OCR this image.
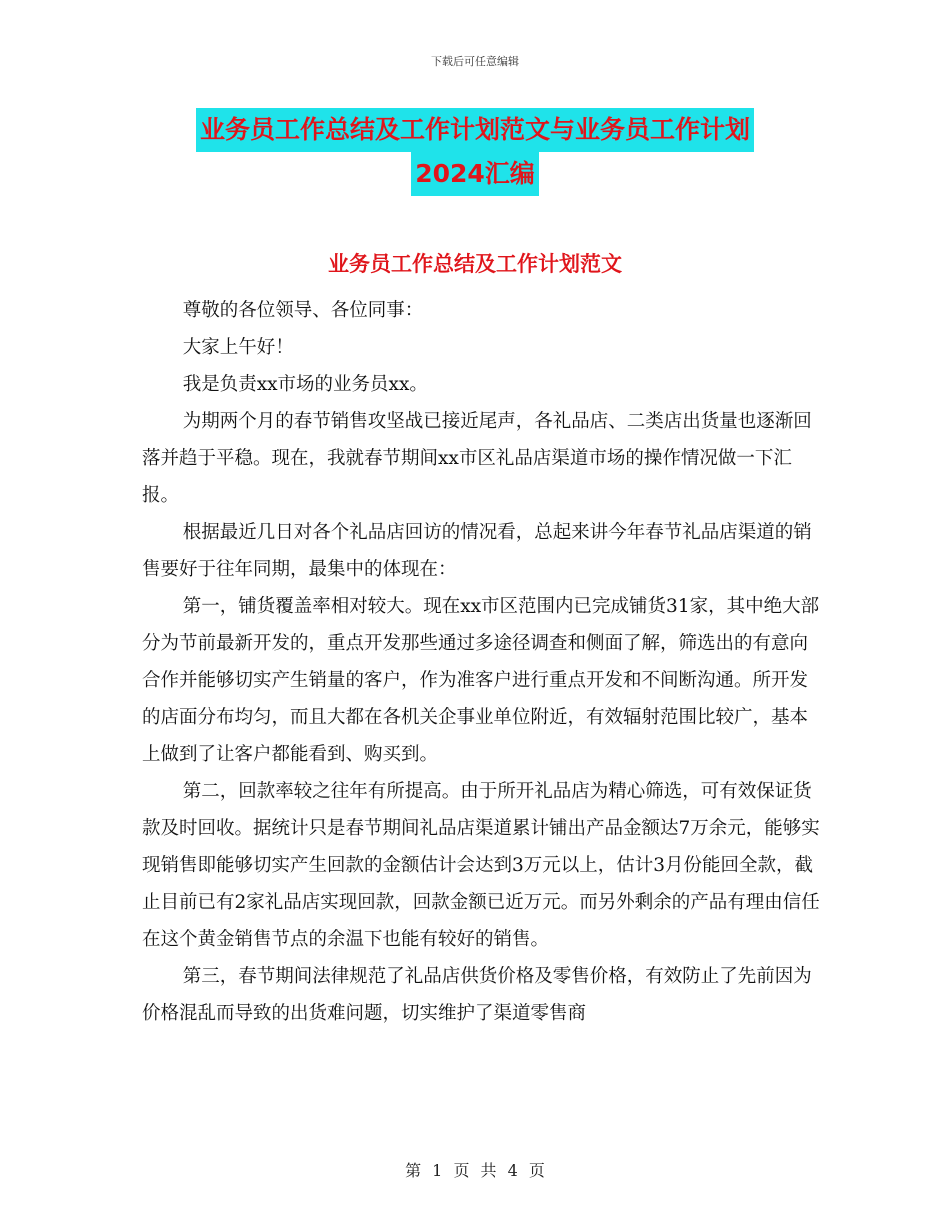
下载后可任意编辑
业务员工作总结及工作计划范文与业务员工作计划
2024汇编
业务员工作总结及工作计划范文

尊敬的各位领导、各位同事：

大家上午好！

我是负责xx市场的业务员xx。

为期两个月的春节销售攻坚战已接近尾声，各礼品店、二类店出货量也逐渐回落并趋于平稳。现在，我就春节期间xx市区礼品店渠道市场的操作情况做一下汇报。

根据最近几日对各个礼品店回访的情况看，总起来讲今年春节礼品店渠道的销售要好于往年同期，最集中的体现在：

第一，铺货覆盖率相对较大。现在xx市区范围内已完成铺货31家，其中绝大部分为节前最新开发的，重点开发那些通过多途径调查和侧面了解，筛选出的有意向合作并能够切实产生销量的客户，作为准客户进行重点开发和不间断沟通。所开发的店面分布均匀，而且大都在各机关企事业单位附近，有效辐射范围比较广，基本上做到了让客户都能看到、购买到。

第二，回款率较之往年有所提高。由于所开礼品店为精心筛选，可有效保证货款及时回收。据统计只是春节期间礼品店渠道累计铺出产品金额达7万余元，能够实现销售即能够切实产生回款的金额估计会达到3万元以上，估计3月份能回全款，截止目前已有2家礼品店实现回款，回款金额已近万元。而另外剩余的产品有理由信任在这个黄金销售节点的余温下也能有较好的销售。

第三，春节期间法律规范了礼品店供货价格及零售价格，有效防止了先前因为价格混乱而导致的出货难问题，切实维护了渠道零售商

第 1 页 共 4 页
